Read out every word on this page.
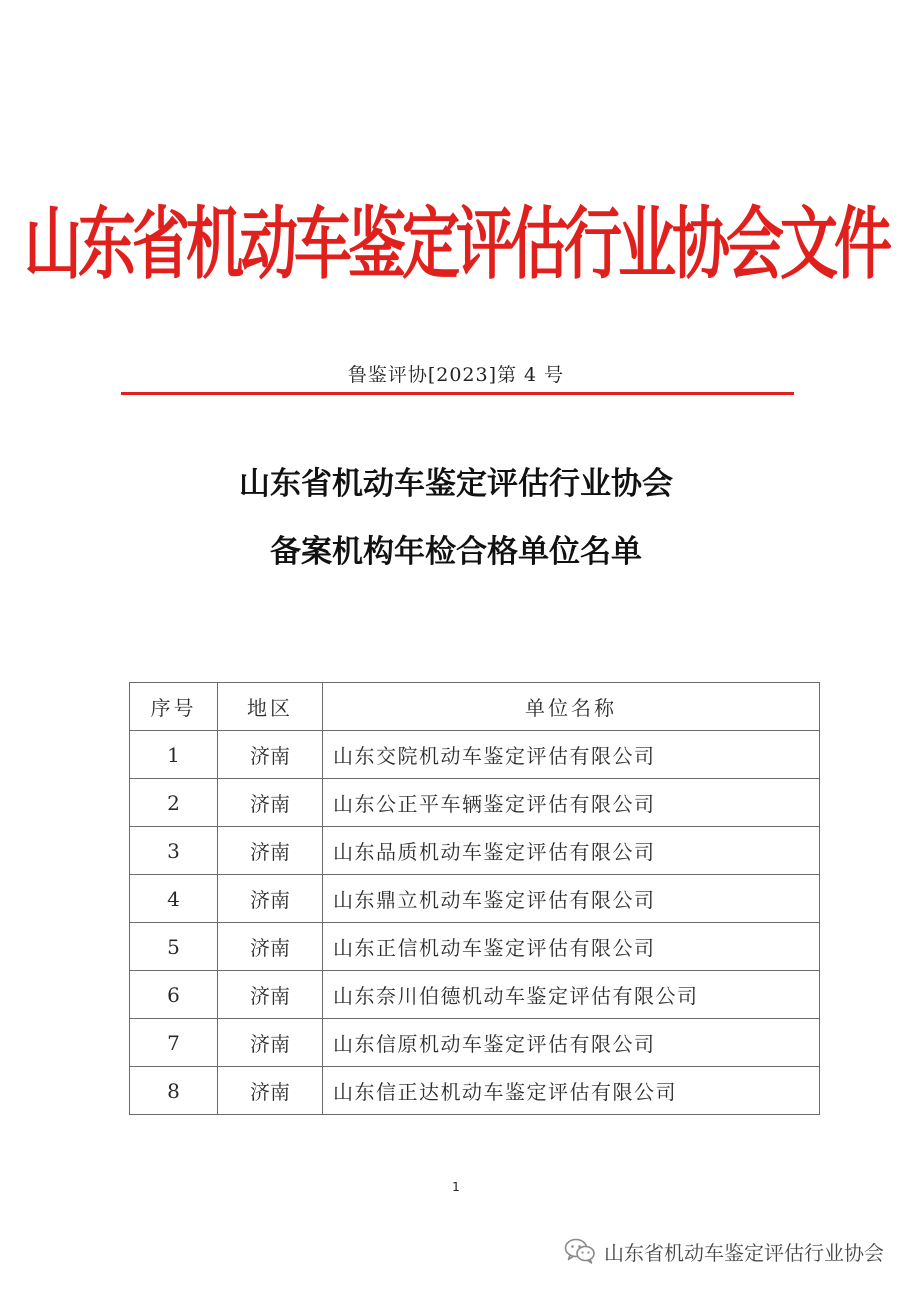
山东省机动车鉴定评估行业协会文件
鲁鉴评协[2023]第 4 号
山东省机动车鉴定评估行业协会
备案机构年检合格单位名单
序号	地区	单位名称
1	济南	山东交院机动车鉴定评估有限公司
2	济南	山东公正平车辆鉴定评估有限公司
3	济南	山东品质机动车鉴定评估有限公司
4	济南	山东鼎立机动车鉴定评估有限公司
5	济南	山东正信机动车鉴定评估有限公司
6	济南	山东奈川伯德机动车鉴定评估有限公司
7	济南	山东信原机动车鉴定评估有限公司
8	济南	山东信正达机动车鉴定评估有限公司
1
山东省机动车鉴定评估行业协会
